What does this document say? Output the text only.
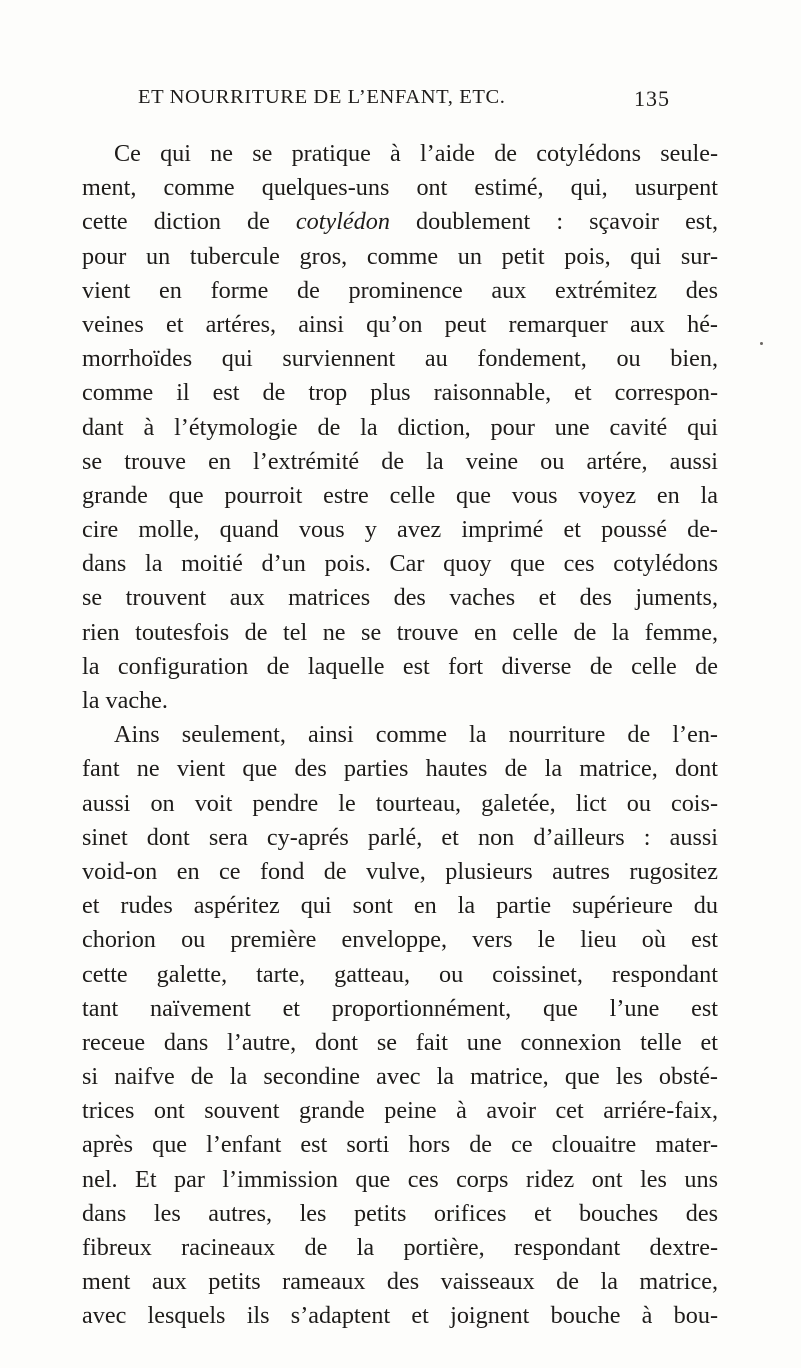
ET NOURRITURE DE L’ENFANT, ETC.	135
Ce qui ne se pratique à l’aide de cotylédons seule-
ment, comme quelques-uns ont estimé, qui, usurpent
cette diction de cotylédon doublement : sçavoir est,
pour un tubercule gros, comme un petit pois, qui sur-
vient en forme de prominence aux extrémitez des
veines et artéres, ainsi qu’on peut remarquer aux hé-
morrhoïdes qui surviennent au fondement, ou bien,
comme il est de trop plus raisonnable, et correspon-
dant à l’étymologie de la diction, pour une cavité qui
se trouve en l’extrémité de la veine ou artére, aussi
grande que pourroit estre celle que vous voyez en la
cire molle, quand vous y avez imprimé et poussé de-
dans la moitié d’un pois. Car quoy que ces cotylédons
se trouvent aux matrices des vaches et des juments,
rien toutesfois de tel ne se trouve en celle de la femme,
la configuration de laquelle est fort diverse de celle de
la vache.
Ains seulement, ainsi comme la nourriture de l’en-
fant ne vient que des parties hautes de la matrice, dont
aussi on voit pendre le tourteau, galetée, lict ou cois-
sinet dont sera cy-aprés parlé, et non d’ailleurs : aussi
void-on en ce fond de vulve, plusieurs autres rugositez
et rudes aspéritez qui sont en la partie supérieure du
chorion ou première enveloppe, vers le lieu où est
cette galette, tarte, gatteau, ou coissinet, respondant
tant naïvement et proportionnément, que l’une est
receue dans l’autre, dont se fait une connexion telle et
si naifve de la secondine avec la matrice, que les obsté-
trices ont souvent grande peine à avoir cet arriére-faix,
après que l’enfant est sorti hors de ce clouaitre mater-
nel. Et par l’immission que ces corps ridez ont les uns
dans les autres, les petits orifices et bouches des
fibreux racineaux de la portière, respondant dextre-
ment aux petits rameaux des vaisseaux de la matrice,
avec lesquels ils s’adaptent et joignent bouche à bou-
